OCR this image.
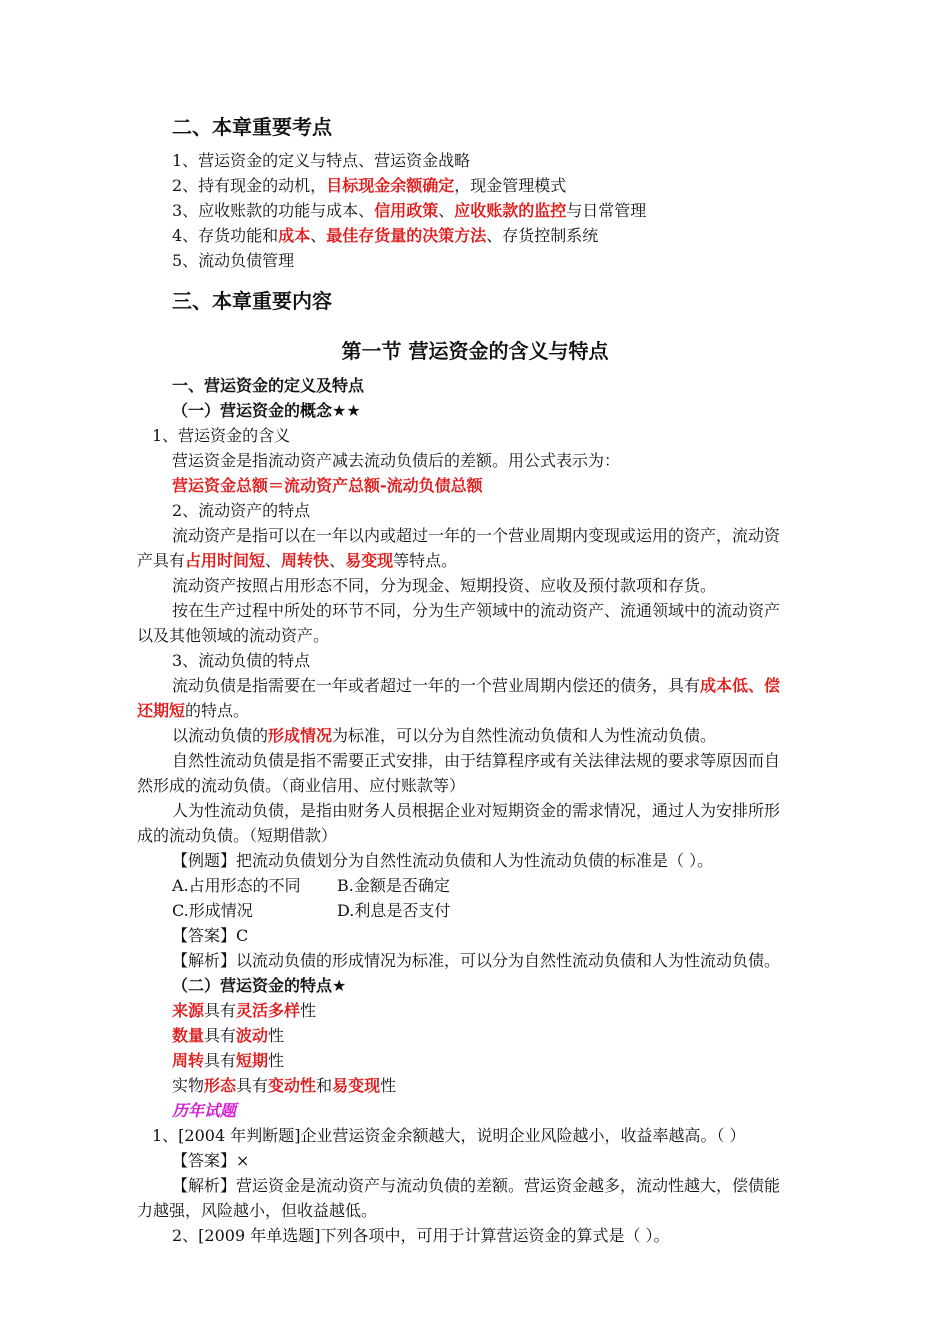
二、本章重要考点
1、营运资金的定义与特点、营运资金战略
2、持有现金的动机，目标现金余额确定，现金管理模式
3、应收账款的功能与成本、信用政策、应收账款的监控与日常管理
4、存货功能和成本、最佳存货量的决策方法、存货控制系统
5、流动负债管理
三、本章重要内容
第一节 营运资金的含义与特点
一、营运资金的定义及特点
（一）营运资金的概念★★
1、营运资金的含义
营运资金是指流动资产减去流动负债后的差额。用公式表示为：
营运资金总额＝流动资产总额-流动负债总额
2、流动资产的特点
流动资产是指可以在一年以内或超过一年的一个营业周期内变现或运用的资产，流动资
产具有占用时间短、周转快、易变现等特点。
流动资产按照占用形态不同，分为现金、短期投资、应收及预付款项和存货。
按在生产过程中所处的环节不同，分为生产领域中的流动资产、流通领域中的流动资产
以及其他领域的流动资产。
3、流动负债的特点
流动负债是指需要在一年或者超过一年的一个营业周期内偿还的债务，具有成本低、偿
还期短的特点。
以流动负债的形成情况为标准，可以分为自然性流动负债和人为性流动负债。
自然性流动负债是指不需要正式安排，由于结算程序或有关法律法规的要求等原因而自
然形成的流动负债。（商业信用、应付账款等）
人为性流动负债，是指由财务人员根据企业对短期资金的需求情况，通过人为安排所形
成的流动负债。（短期借款）
【例题】把流动负债划分为自然性流动负债和人为性流动负债的标准是（ ）。
A.占用形态的不同 B.金额是否确定
C.形成情况	D.利息是否支付
【答案】C
【解析】以流动负债的形成情况为标准，可以分为自然性流动负债和人为性流动负债。
（二）营运资金的特点★
来源具有灵活多样性
数量具有波动性
周转具有短期性
实物形态具有变动性和易变现性
历年试题
1、[2004 年判断题]企业营运资金余额越大，说明企业风险越小，收益率越高。（ ）
【答案】×
【解析】营运资金是流动资产与流动负债的差额。营运资金越多，流动性越大，偿债能
力越强，风险越小，但收益越低。
2、[2009 年单选题]下列各项中，可用于计算营运资金的算式是（ ）。
